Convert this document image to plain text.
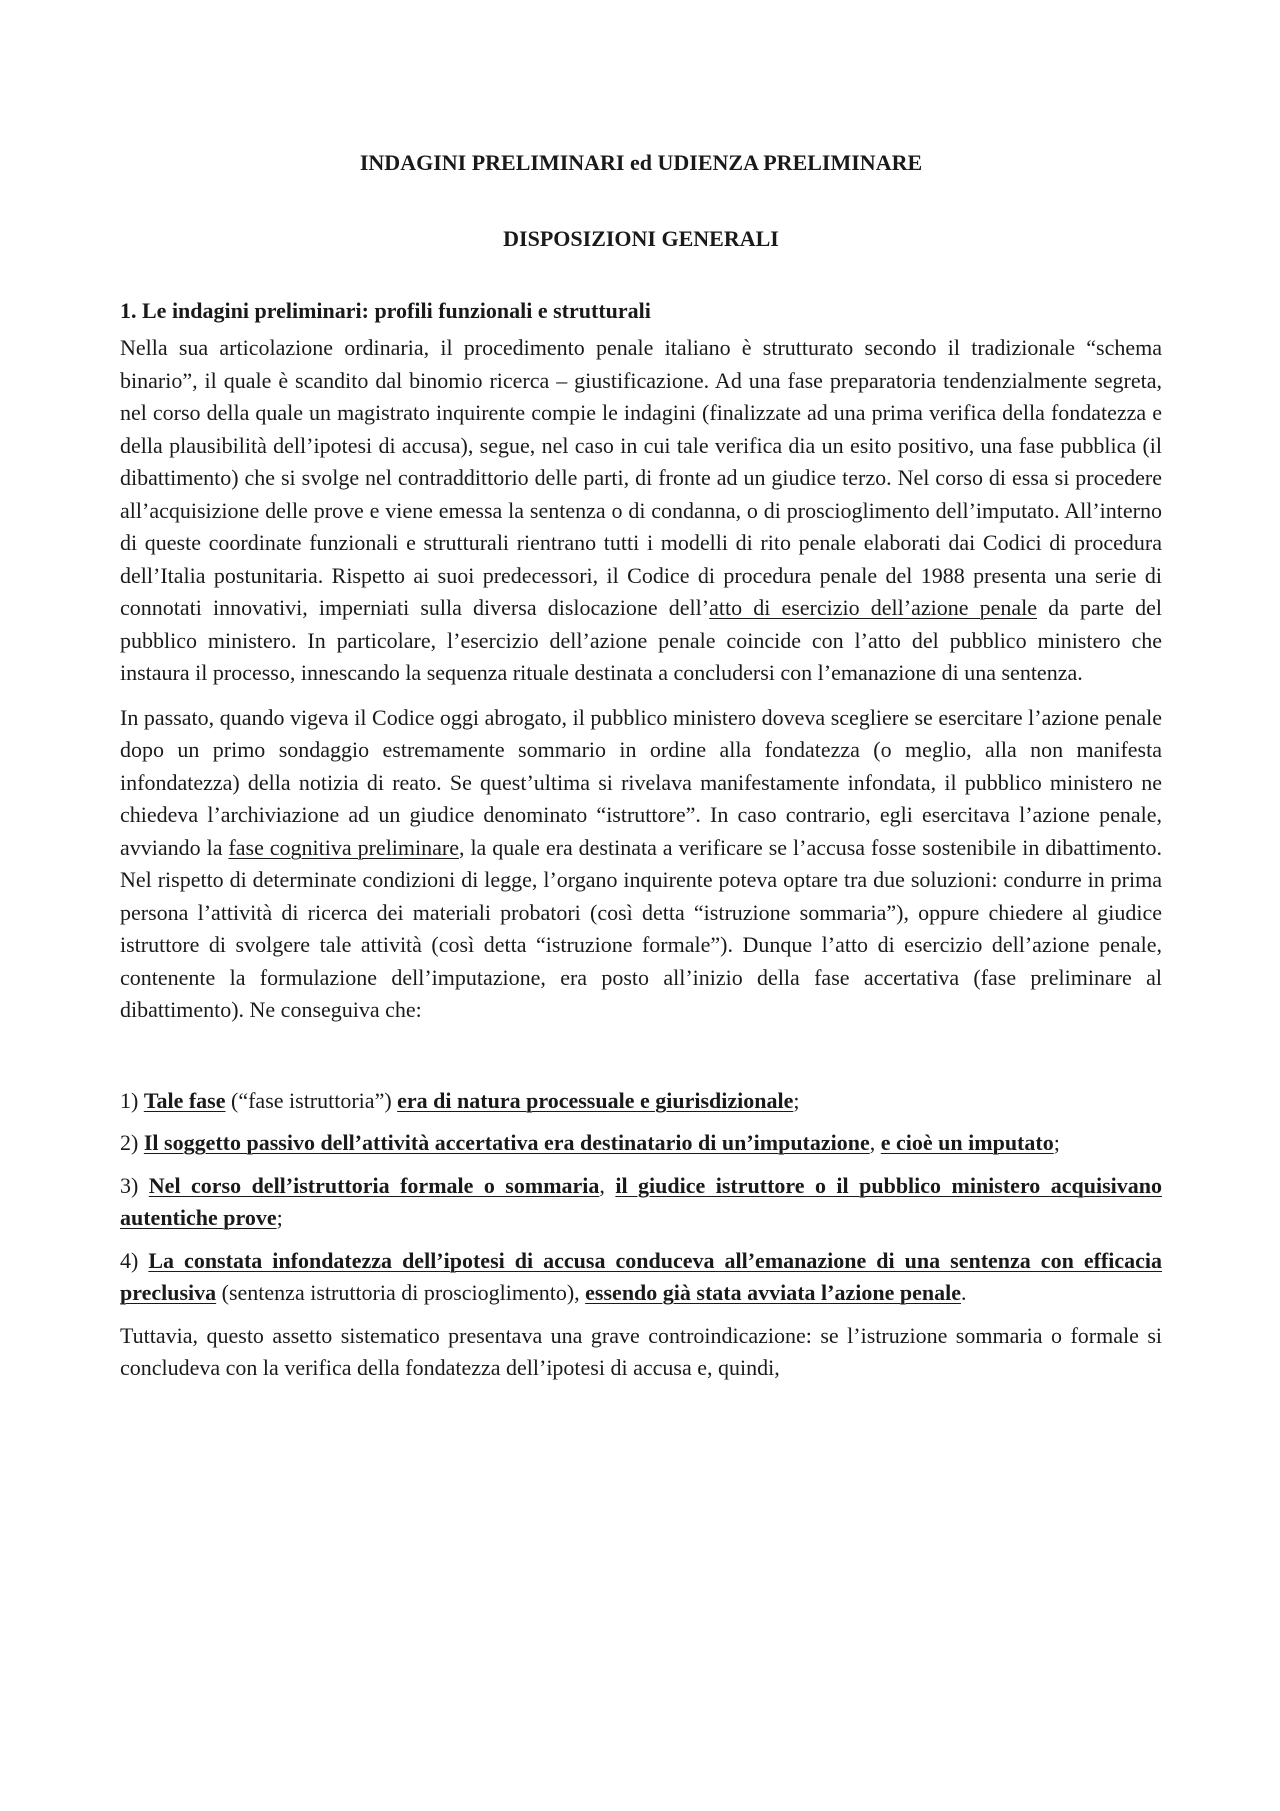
INDAGINI PRELIMINARI ed UDIENZA PRELIMINARE
DISPOSIZIONI GENERALI
1. Le indagini preliminari: profili funzionali e strutturali

Nella sua articolazione ordinaria, il procedimento penale italiano è strutturato secondo il tradizionale “schema binario”, il quale è scandito dal binomio ricerca – giustificazione. Ad una fase preparatoria tendenzialmente segreta, nel corso della quale un magistrato inquirente compie le indagini (finalizzate ad una prima verifica della fondatezza e della plausibilità dell’ipotesi di accusa), segue, nel caso in cui tale verifica dia un esito positivo, una fase pubblica (il dibattimento) che si svolge nel contraddittorio delle parti, di fronte ad un giudice terzo. Nel corso di essa si procedere all’acquisizione delle prove e viene emessa la sentenza o di condanna, o di proscioglimento dell’imputato. All’interno di queste coordinate funzionali e strutturali rientrano tutti i modelli di rito penale elaborati dai Codici di procedura dell’Italia postunitaria. Rispetto ai suoi predecessori, il Codice di procedura penale del 1988 presenta una serie di connotati innovativi, imperniati sulla diversa dislocazione dell’atto di esercizio dell’azione penale da parte del pubblico ministero. In particolare, l’esercizio dell’azione penale coincide con l’atto del pubblico ministero che instaura il processo, innescando la sequenza rituale destinata a concludersi con l’emanazione di una sentenza.

In passato, quando vigeva il Codice oggi abrogato, il pubblico ministero doveva scegliere se esercitare l’azione penale dopo un primo sondaggio estremamente sommario in ordine alla fondatezza (o meglio, alla non manifesta infondatezza) della notizia di reato. Se quest’ultima si rivelava manifestamente infondata, il pubblico ministero ne chiedeva l’archiviazione ad un giudice denominato “istruttore”. In caso contrario, egli esercitava l’azione penale, avviando la fase cognitiva preliminare, la quale era destinata a verificare se l’accusa fosse sostenibile in dibattimento. Nel rispetto di determinate condizioni di legge, l’organo inquirente poteva optare tra due soluzioni: condurre in prima persona l’attività di ricerca dei materiali probatori (così detta “istruzione sommaria”), oppure chiedere al giudice istruttore di svolgere tale attività (così detta “istruzione formale”). Dunque l’atto di esercizio dell’azione penale, contenente la formulazione dell’imputazione, era posto all’inizio della fase accertativa (fase preliminare al dibattimento). Ne conseguiva che:

1) Tale fase (“fase istruttoria”) era di natura processuale e giurisdizionale;

2) Il soggetto passivo dell’attività accertativa era destinatario di un’imputazione, e cioè un imputato;

3) Nel corso dell’istruttoria formale o sommaria, il giudice istruttore o il pubblico ministero acquisivano autentiche prove;

4) La constata infondatezza dell’ipotesi di accusa conduceva all’emanazione di una sentenza con efficacia preclusiva (sentenza istruttoria di proscioglimento), essendo già stata avviata l’azione penale.

Tuttavia, questo assetto sistematico presentava una grave controindicazione: se l’istruzione sommaria o formale si concludeva con la verifica della fondatezza dell’ipotesi di accusa e, quindi,
